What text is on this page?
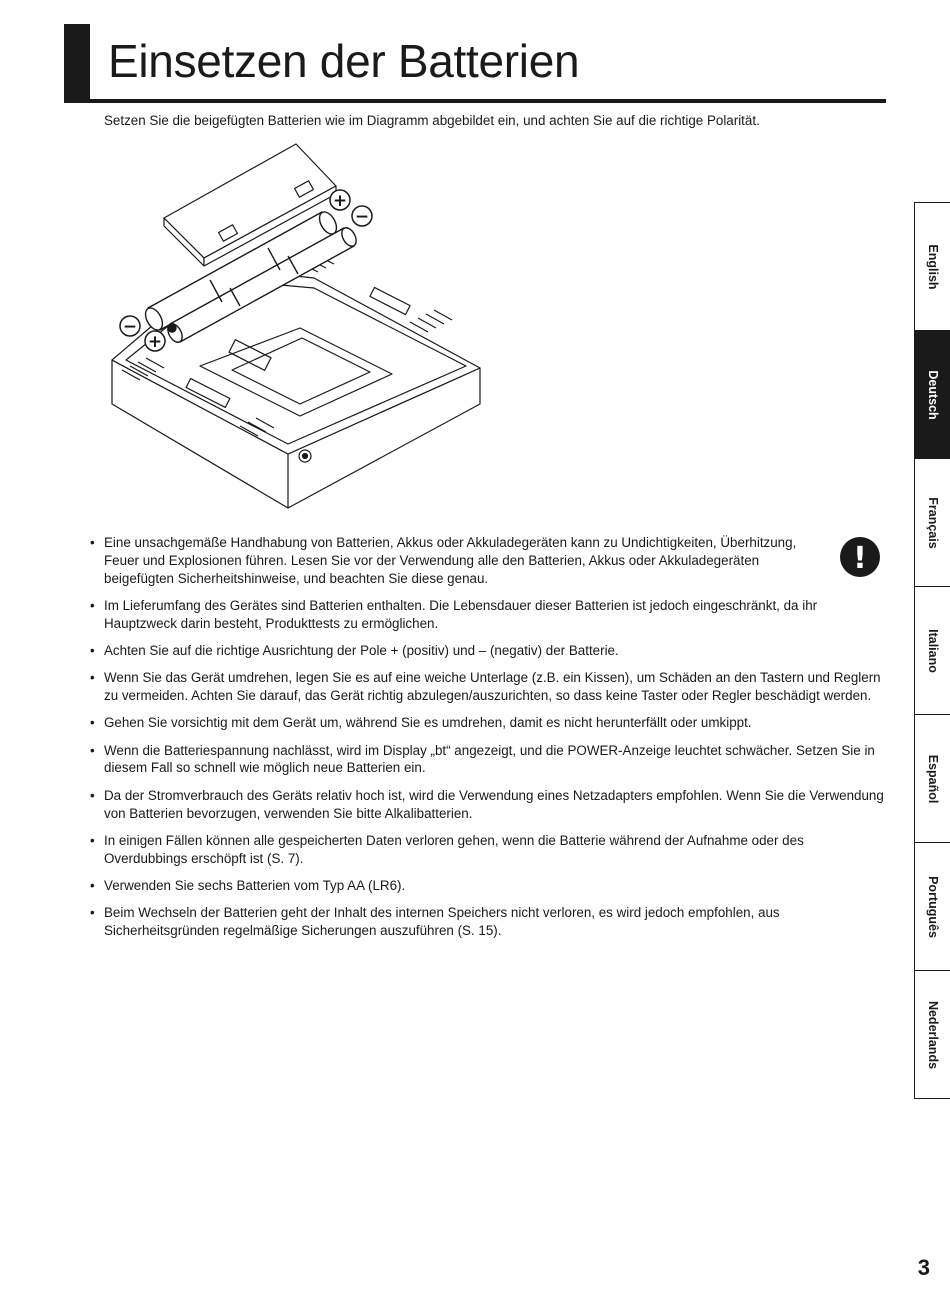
Einsetzen der Batterien

Setzen Sie die beigefügten Batterien wie im Diagramm abgebildet ein, und achten Sie auf die richtige Polarität.

+
−
−
+
!
• Eine unsachgemäße Handhabung von Batterien, Akkus oder Akkuladegeräten kann zu Undichtigkeiten, Überhitzung, Feuer und Explosionen führen. Lesen Sie vor der Verwendung alle den Batterien, Akkus oder Akkuladegeräten beigefügten Sicherheitshinweise, und beachten Sie diese genau.
• Im Lieferumfang des Gerätes sind Batterien enthalten. Die Lebensdauer dieser Batterien ist jedoch eingeschränkt, da ihr Hauptzweck darin besteht, Produkttests zu ermöglichen.
• Achten Sie auf die richtige Ausrichtung der Pole + (positiv) und – (negativ) der Batterie.
• Wenn Sie das Gerät umdrehen, legen Sie es auf eine weiche Unterlage (z.B. ein Kissen), um Schäden an den Tastern und Reglern zu vermeiden. Achten Sie darauf, das Gerät richtig abzulegen/auszurichten, so dass keine Taster oder Regler beschädigt werden.
• Gehen Sie vorsichtig mit dem Gerät um, während Sie es umdrehen, damit es nicht herunterfällt oder umkippt.
• Wenn die Batteriespannung nachlässt, wird im Display „bt“ angezeigt, und die POWER-Anzeige leuchtet schwächer. Setzen Sie in diesem Fall so schnell wie möglich neue Batterien ein.
• Da der Stromverbrauch des Geräts relativ hoch ist, wird die Verwendung eines Netzadapters empfohlen. Wenn Sie die Verwendung von Batterien bevorzugen, verwenden Sie bitte Alkalibatterien.
• In einigen Fällen können alle gespeicherten Daten verloren gehen, wenn die Batterie während der Aufnahme oder des Overdubbings erschöpft ist (S. 7).
• Verwenden Sie sechs Batterien vom Typ AA (LR6).
• Beim Wechseln der Batterien geht der Inhalt des internen Speichers nicht verloren, es wird jedoch empfohlen, aus Sicherheitsgründen regelmäßige Sicherungen auszuführen (S. 15).
English
Deutsch
Français
Italiano
Español
Português
Nederlands
3
